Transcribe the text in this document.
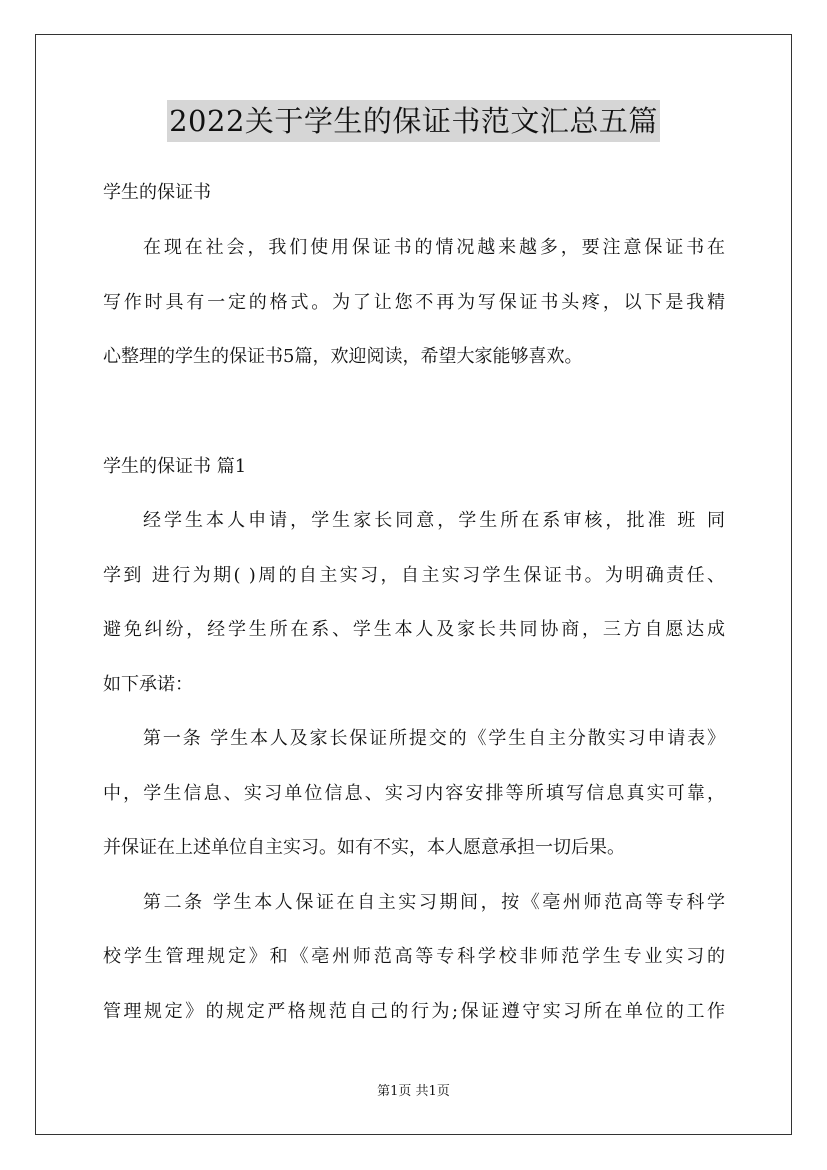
2022关于学生的保证书范文汇总五篇
学生的保证书
在现在社会，我们使用保证书的情况越来越多，要注意保证书在
写作时具有一定的格式。为了让您不再为写保证书头疼，以下是我精
心整理的学生的保证书5篇，欢迎阅读，希望大家能够喜欢。
学生的保证书 篇1
经学生本人申请，学生家长同意，学生所在系审核，批准 班 同
学到 进行为期( )周的自主实习，自主实习学生保证书。为明确责任、
避免纠纷，经学生所在系、学生本人及家长共同协商，三方自愿达成
如下承诺：
第一条 学生本人及家长保证所提交的《学生自主分散实习申请表》
中，学生信息、实习单位信息、实习内容安排等所填写信息真实可靠，
并保证在上述单位自主实习。如有不实，本人愿意承担一切后果。
第二条 学生本人保证在自主实习期间，按《亳州师范高等专科学
校学生管理规定》和《亳州师范高等专科学校非师范学生专业实习的
管理规定》的规定严格规范自己的行为;保证遵守实习所在单位的工作
第1页 共1页
